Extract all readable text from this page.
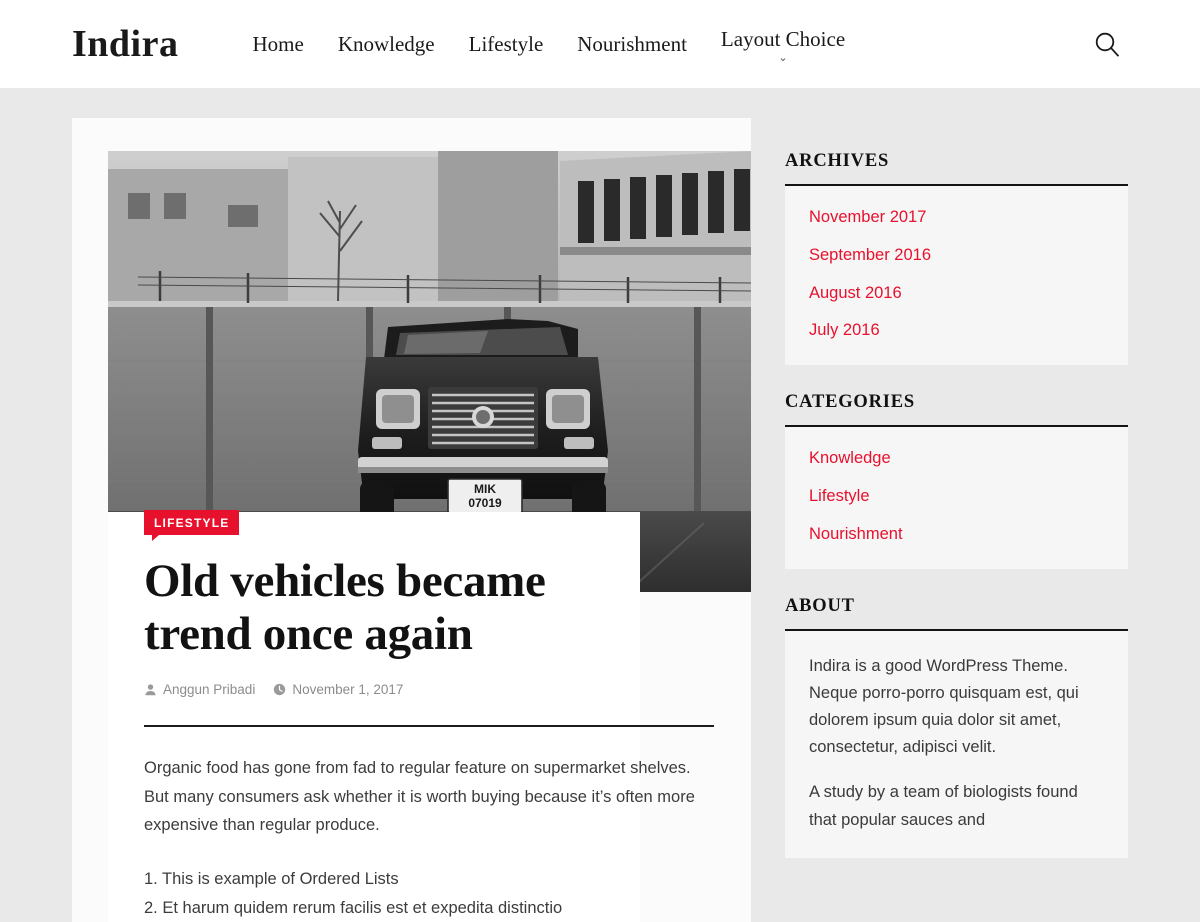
Indira	Home Knowledge Lifestyle Nourishment Layout Choice
⌄
MIK
07019
LIFESTYLE
Old vehicles became trend once again
Anggun Pribadi	November 1, 2017

Organic food has gone from fad to regular feature on supermarket shelves. But many consumers ask whether it is worth buying because it’s often more expensive than regular produce.

1. This is example of Ordered Lists
2. Et harum quidem rerum facilis est et expedita distinctio
ARCHIVES
November 2017
September 2016
August 2016
July 2016
CATEGORIES
Knowledge
Lifestyle
Nourishment
ABOUT

Indira is a good WordPress Theme. Neque porro-porro quisquam est, qui dolorem ipsum quia dolor sit amet, consectetur, adipisci velit.

A study by a team of biologists found that popular sauces and
